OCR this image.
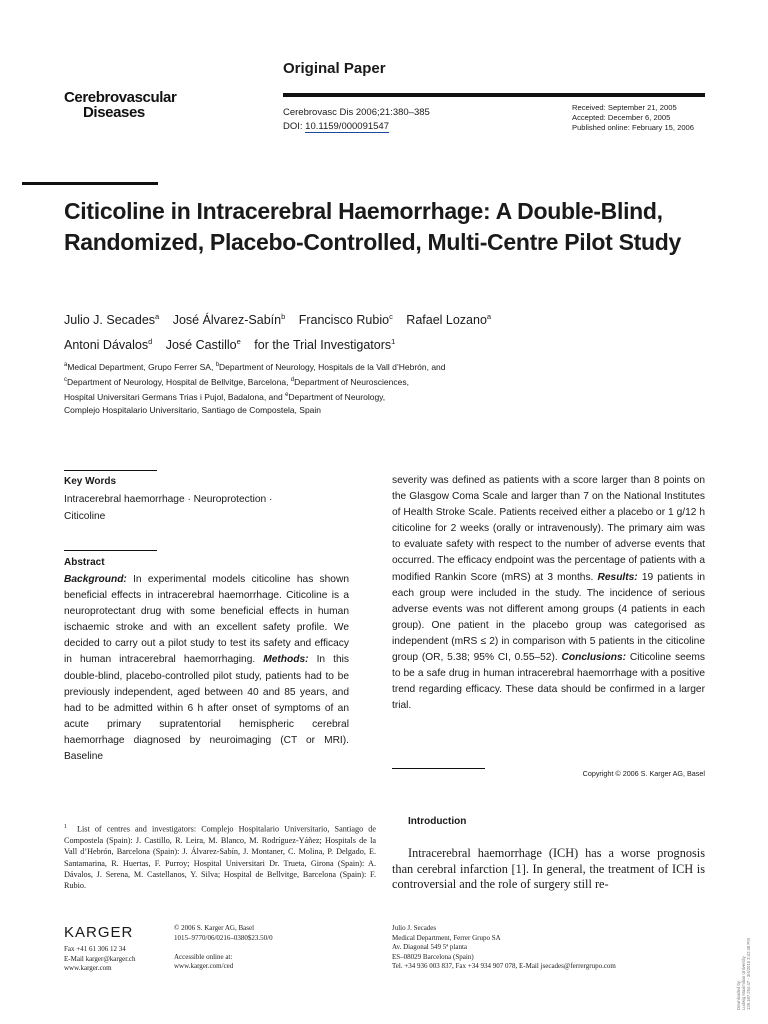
Cerebrovascular
Diseases
Original Paper
Cerebrovasc Dis 2006;21:380–385
DOI: 10.1159/000091547
Received: September 21, 2005
Accepted: December 6, 2005
Published online: February 15, 2006
Citicoline in Intracerebral Haemorrhage: A Double-Blind, Randomized, Placebo-Controlled, Multi-Centre Pilot Study
Julio J. Secades$^a$ José Álvarez-Sabín$^b$ Francisco Rubio$^c$ Rafael Lozano$^a$
Antoni Dávalos$^d$ José Castillo$^e$ for the Trial Investigators$^1$
$^a$Medical Department, Grupo Ferrer SA, $^b$Department of Neurology, Hospitals de la Vall d’Hebrón, and
$^c$Department of Neurology, Hospital de Bellvitge, Barcelona, $^d$Department of Neurosciences,
Hospital Universitari Germans Trias i Pujol, Badalona, and $^e$Department of Neurology,
Complejo Hospitalario Universitario, Santiago de Compostela, Spain
Key Words
Intracerebral haemorrhage · Neuroprotection ·
Citicoline
Abstract
Background: In experimental models citicoline has shown beneficial effects in intracerebral haemorrhage. Citicoline is a neuroprotectant drug with some beneficial effects in human ischaemic stroke and with an excellent safety profile. We decided to carry out a pilot study to test its safety and efficacy in human intracerebral haemorrhaging. Methods: In this double-blind, placebo-controlled pilot study, patients had to be previously independent, aged between 40 and 85 years, and had to be admitted within 6 h after onset of symptoms of an acute primary supratentorial hemispheric cerebral haemorrhage diagnosed by neuroimaging (CT or MRI). Baseline
severity was defined as patients with a score larger than 8 points on the Glasgow Coma Scale and larger than 7 on the National Institutes of Health Stroke Scale. Patients received either a placebo or 1 g/12 h citicoline for 2 weeks (orally or intravenously). The primary aim was to evaluate safety with respect to the number of adverse events that occurred. The efficacy endpoint was the percentage of patients with a modified Rankin Score (mRS) at 3 months. Results: 19 patients in each group were included in the study. The incidence of serious adverse events was not different among groups (4 patients in each group). One patient in the placebo group was categorised as independent (mRS ≤ 2) in comparison with 5 patients in the citicoline group (OR, 5.38; 95% CI, 0.55–52). Conclusions: Citicoline seems to be a safe drug in human intracerebral haemorrhage with a positive trend regarding efficacy. These data should be confirmed in a larger trial.
Copyright © 2006 S. Karger AG, Basel
$^1$ List of centres and investigators: Complejo Hospitalario Universitario, Santiago de Compostela (Spain): J. Castillo, R. Leira, M. Blanco, M. Rodríguez-Yáñez; Hospitals de la Vall d’Hebrón, Barcelona (Spain): J. Álvarez-Sabín, J. Montaner, C. Molina, P. Delgado, E. Santamarina, R. Huertas, F. Purroy; Hospital Universitari Dr. Trueta, Girona (Spain): A. Dávalos, J. Serena, M. Castellanos, Y. Silva; Hospital de Bellvitge, Barcelona (Spain): F. Rubio.
Introduction
Intracerebral haemorrhage (ICH) has a worse prognosis than cerebral infarction [1]. In general, the treatment of ICH is controversial and the role of surgery still re-
KARGER
Fax +41 61 306 12 34
E-Mail karger@karger.ch
www.karger.com
© 2006 S. Karger AG, Basel
1015–9770/06/0216–0380$23.50/0
Accessible online at:
www.karger.com/ced
Julio J. Secades
Medical Department, Ferrer Grupo SA
Av. Diagonal 549 5ª planta
ES–08029 Barcelona (Spain)
Tel. +34 936 003 837, Fax +34 934 907 078, E-Mail jsecades@ferrergrupo.com
Downloaded by: Ludwig Maximilian University 129.187.254.47 - 3/4/2015 3:42:48 PM
